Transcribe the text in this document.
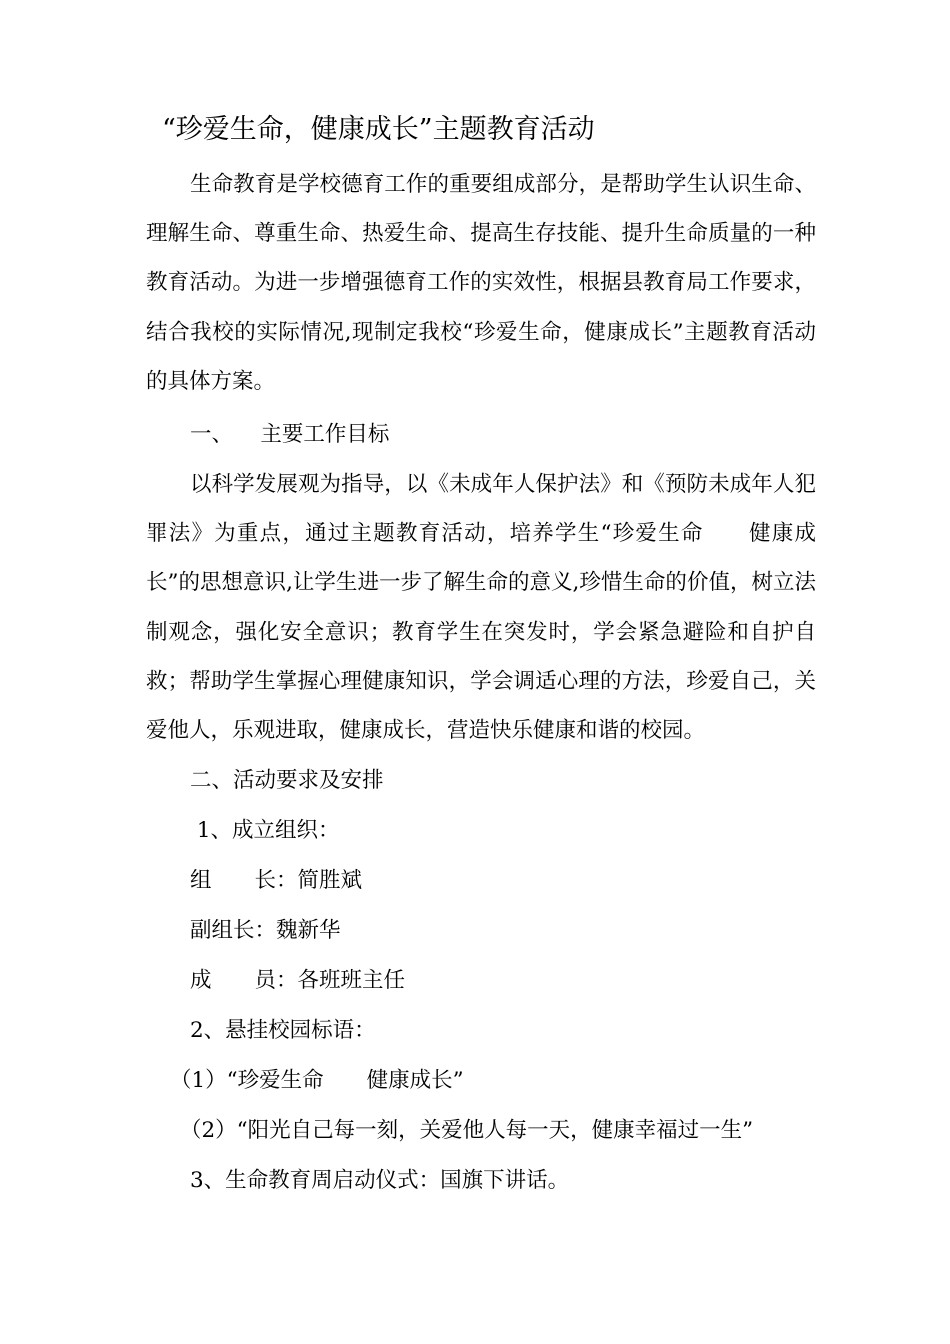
“珍爱生命，健康成长”主题教育活动
生命教育是学校德育工作的重要组成部分，是帮助学生认识生命、理解生命、尊重生命、热爱生命、提高生存技能、提升生命质量的一种教育活动。为进一步增强德育工作的实效性，根据县教育局工作要求，结合我校的实际情况,现制定我校“珍爱生命，健康成长”主题教育活动的具体方案。
一、    主要工作目标
以科学发展观为指导，以《未成年人保护法》和《预防未成年人犯罪法》为重点，通过主题教育活动，培养学生“珍爱生命　　健康成长”的思想意识,让学生进一步了解生命的意义,珍惜生命的价值，树立法制观念，强化安全意识；教育学生在突发时，学会紧急避险和自护自救；帮助学生掌握心理健康知识，学会调适心理的方法，珍爱自己，关爱他人，乐观进取，健康成长，营造快乐健康和谐的校园。
二、活动要求及安排
1、成立组织：
组　　长：简胜斌
副组长：魏新华
成　　员：各班班主任
2、悬挂校园标语：
（1）“珍爱生命　　健康成长”
（2）“阳光自己每一刻，关爱他人每一天，健康幸福过一生”
3、生命教育周启动仪式：国旗下讲话。
